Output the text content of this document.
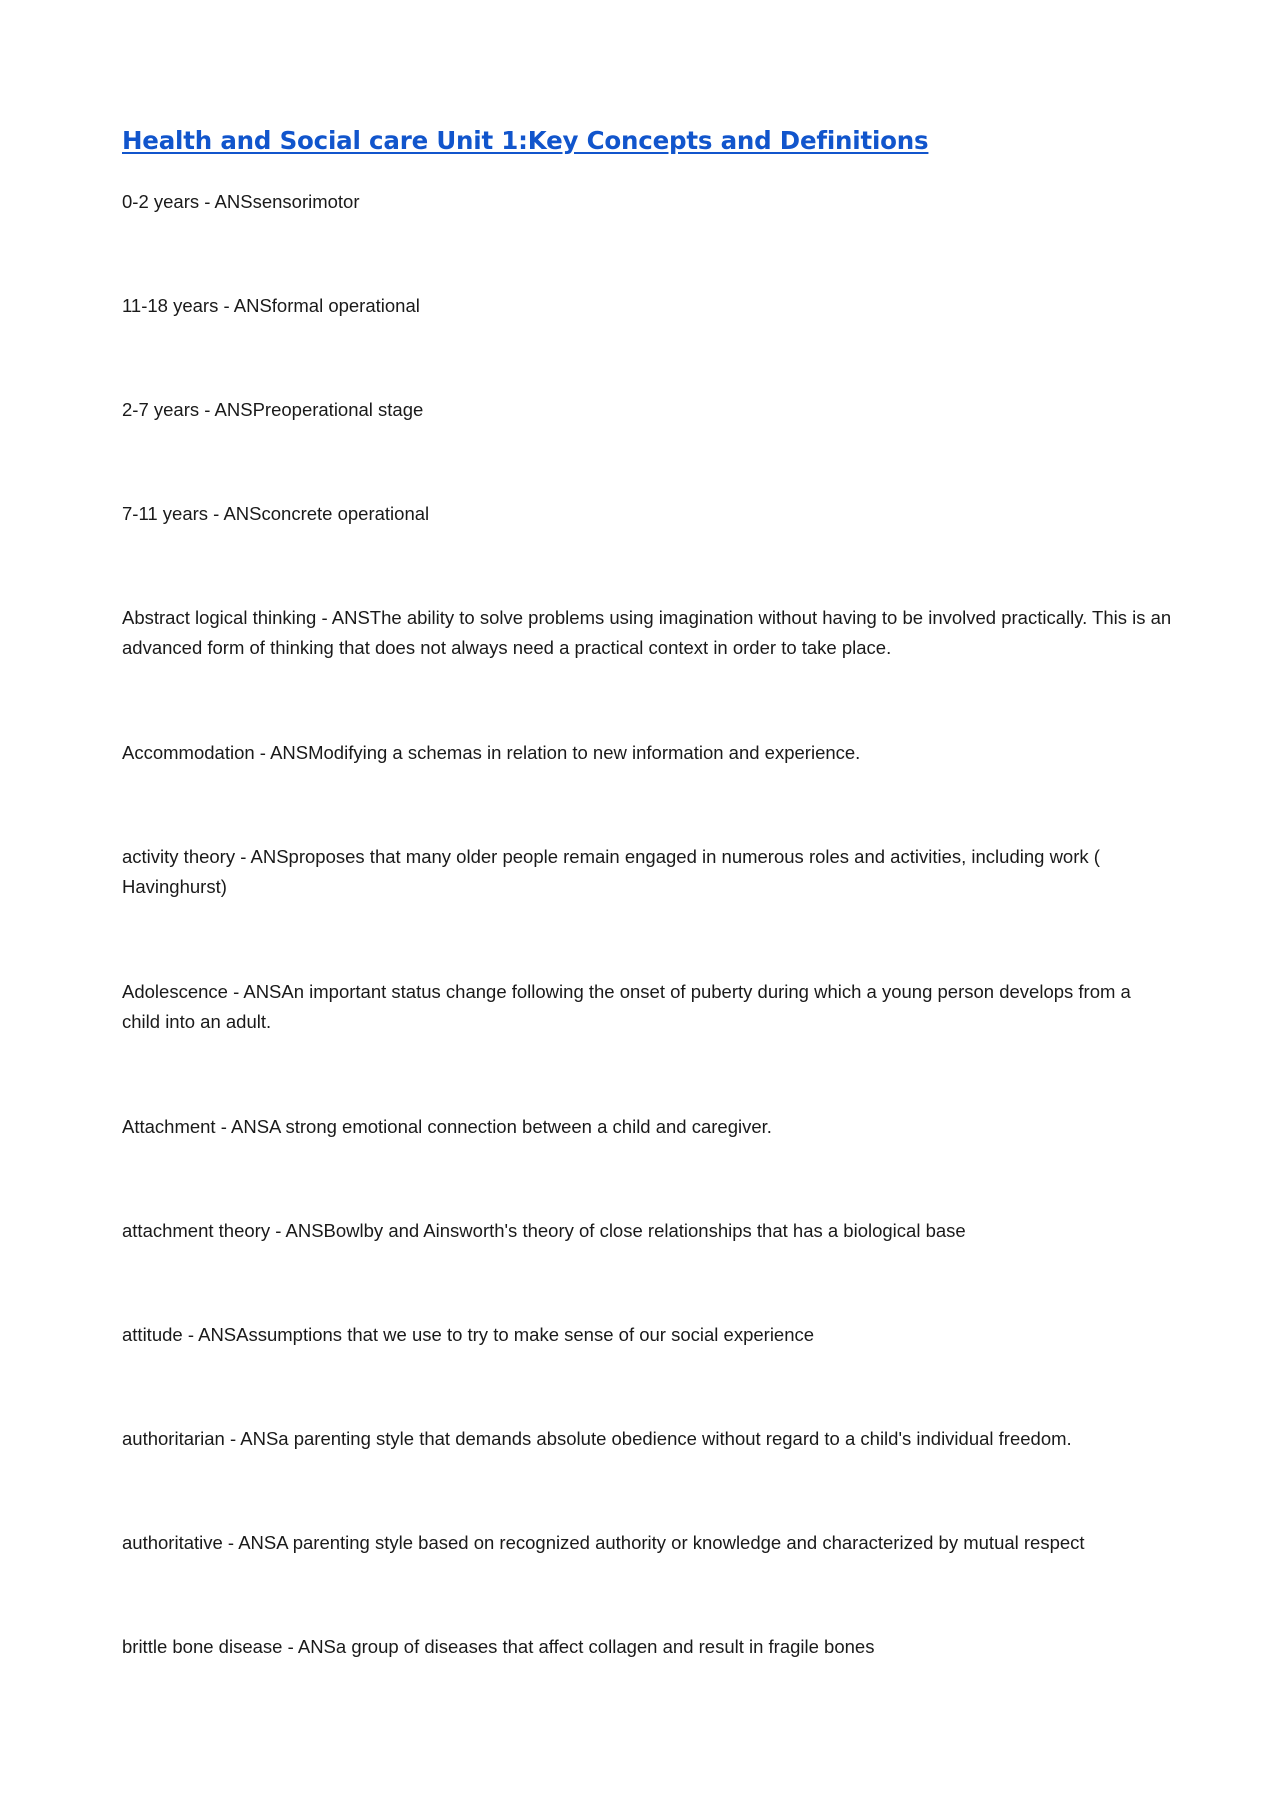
Health and Social care Unit 1:Key Concepts and Definitions

0-2 years - ANSsensorimotor

11-18 years - ANSformal operational

2-7 years - ANSPreoperational stage

7-11 years - ANSconcrete operational

Abstract logical thinking - ANSThe ability to solve problems using imagination without having to be involved practically. This is an advanced form of thinking that does not always need a practical context in order to take place.

Accommodation - ANSModifying a schemas in relation to new information and experience.

activity theory - ANSproposes that many older people remain engaged in numerous roles and activities, including work ( Havinghurst)

Adolescence - ANSAn important status change following the onset of puberty during which a young person develops from a child into an adult.

Attachment - ANSA strong emotional connection between a child and caregiver.

attachment theory - ANSBowlby and Ainsworth's theory of close relationships that has a biological base

attitude - ANSAssumptions that we use to try to make sense of our social experience

authoritarian - ANSa parenting style that demands absolute obedience without regard to a child's individual freedom.

authoritative - ANSA parenting style based on recognized authority or knowledge and characterized by mutual respect

brittle bone disease - ANSa group of diseases that affect collagen and result in fragile bones
